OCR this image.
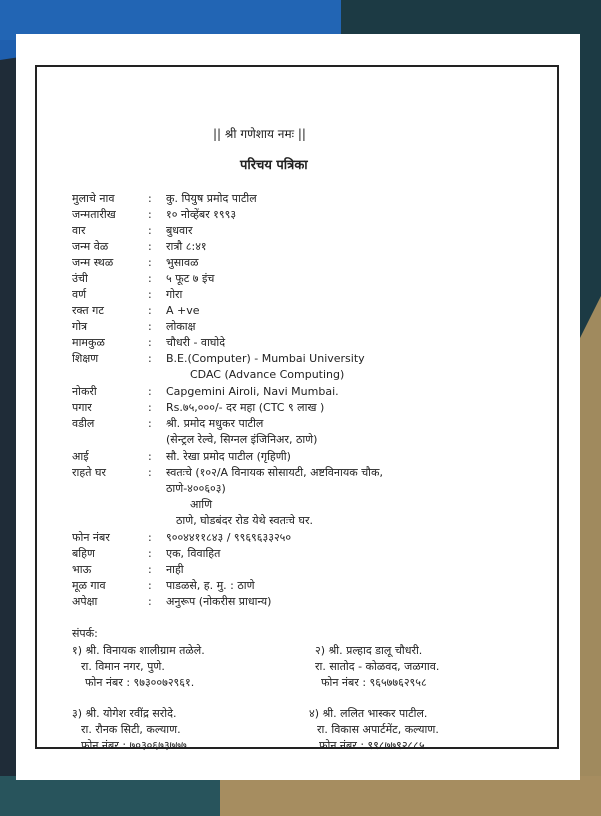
|| श्री गणेशाय नमः ||
परिचय पत्रिका
मुलाचे नाव	: कु. पियुष प्रमोद पाटील
जन्मतारीख	: १० नोव्हेंबर १९९३
वार	: बुधवार
जन्म वेळ	: रात्रौ ८:४१
जन्म स्थळ	: भुसावळ
उंची	: ५ फूट ७ इंच
वर्ण	: गोरा
रक्त गट	: A +ve
गोत्र	: लोकाक्ष
मामकुळ	: चौधरी - वाघोदे
शिक्षण	: B.E.(Computer) - Mumbai University
CDAC (Advance Computing)
नोकरी	: Capgemini Airoli, Navi Mumbai.
पगार	: Rs.७५,०००/- दर महा (CTC ९ लाख )
वडील	: श्री. प्रमोद मधुकर पाटील
(सेन्ट्रल रेल्वे, सिग्नल इंजिनिअर, ठाणे)
आई	: सौ. रेखा प्रमोद पाटील (गृहिणी)
राहते घर	: स्वतःचे (१०२/A विनायक सोसायटी, अष्टविनायक चौक,
ठाणे-४००६०३)
आणि
ठाणे, घोडबंदर रोड येथे स्वतःचे घर.
फोन नंबर	: ९००४४११८४३ / ९९६९६३३२५०
बहिण	: एक, विवाहित
भाऊ	: नाही
मूळ गाव	: पाडळसे, ह. मु. : ठाणे
अपेक्षा	: अनुरूप (नोकरीस प्राधान्य)
संपर्क:
१) श्री. विनायक शालीग्राम तळेले.
रा. विमान नगर, पुणे.
फोन नंबर : ९७३००७२९६१.
२) श्री. प्रल्हाद डालू चौधरी.
रा. सातोद - कोळवद, जळगाव.
फोन नंबर : ९६५७७६२९५८
३) श्री. योगेश रवींद्र सरोदे.
रा. रौनक सिटी, कल्याण.
फोन नंबर : ७०३०६७३७७७.
४) श्री. ललित भास्कर पाटील.
रा. विकास अपार्टमेंट, कल्याण.
फोन नंबर : ९९८७७९२८८५
